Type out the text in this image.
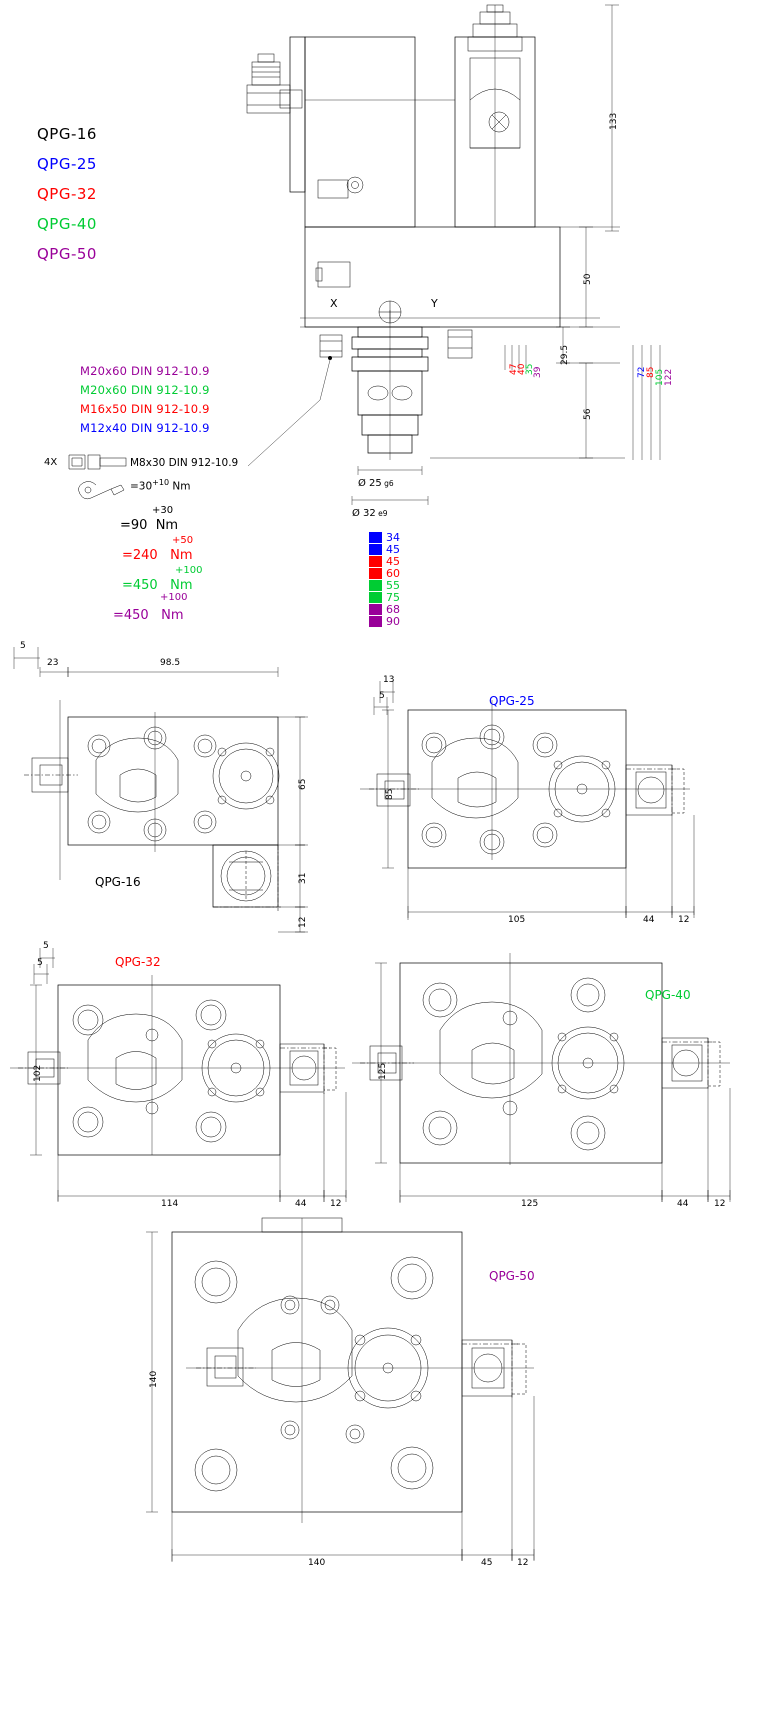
QPG-16
QPG-25
QPG-32
QPG-40
QPG-50
M20x60 DIN 912-10.9
M20x60 DIN 912-10.9
M16x50 DIN 912-10.9
M12x40 DIN 912-10.9
4X	M8x30 DIN 912-10.9
$=30^{+10}$ Nm
+30
=90 Nm
+50
=240 Nm
+100
=450 Nm
+100
=450 Nm
X	Y
Ø 25 g6
Ø 32 e9
133
50
29.5
56
47
40
35
39	72 85 105 122
34
45
45
60
55
75
68
90
QPG-16
QPG-25
QPG-32
QPG-40
QPG-50
5
23	98.5
65
31
12
13
5
85
105	44	12
5
5
102
114	44	12
125
125	44	12
140
140	45	12
